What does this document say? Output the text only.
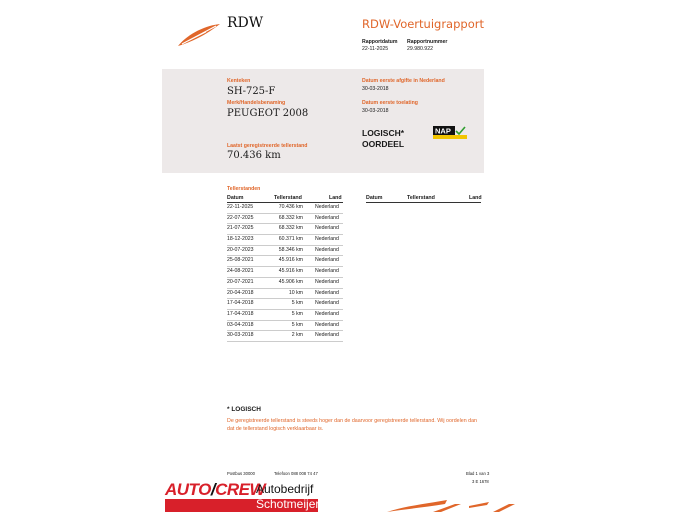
RDW	RDW-Voertuigrapport
Rapportdatum
22-11-2025
Rapportnummer
29.980.922
Kenteken
SH-725-F
Merk/Handelsbenaming
PEUGEOT 2008
Laatst geregistreerde tellerstand
70.436 km
Datum eerste afgifte in Nederland
30-03-2018
Datum eerste toelating
30-03-2018
LOGISCH*
OORDEEL
NAP
Tellerstanden
Datum	Tellerstand	Land
22-11-2025	70.436 km Nederland
22-07-2025	68.332 km Nederland
21-07-2025	68.332 km Nederland
18-12-2023	60.371 km Nederland
20-07-2023	58.346 km Nederland
25-08-2021	45.916 km Nederland
24-08-2021	45.916 km Nederland
20-07-2021	45.906 km Nederland
20-04-2018	10 km Nederland
17-04-2018	5 km Nederland
17-04-2018	5 km Nederland
03-04-2018	5 km Nederland
30-03-2018	2 km Nederland
Datum	Tellerstand	Land
* LOGISCH
De geregistreerde tellerstand is steeds hoger dan de daarvoor geregistreerde tellerstand. Wij oordelen dan
dat de tellerstand logisch verklaarbaar is.
Postbus 30000	Telefoon 088 008 74 47	Blad 1 van 3
3 E 1678
AUTO/CREW
Autobedrijf
Schotmeijer
